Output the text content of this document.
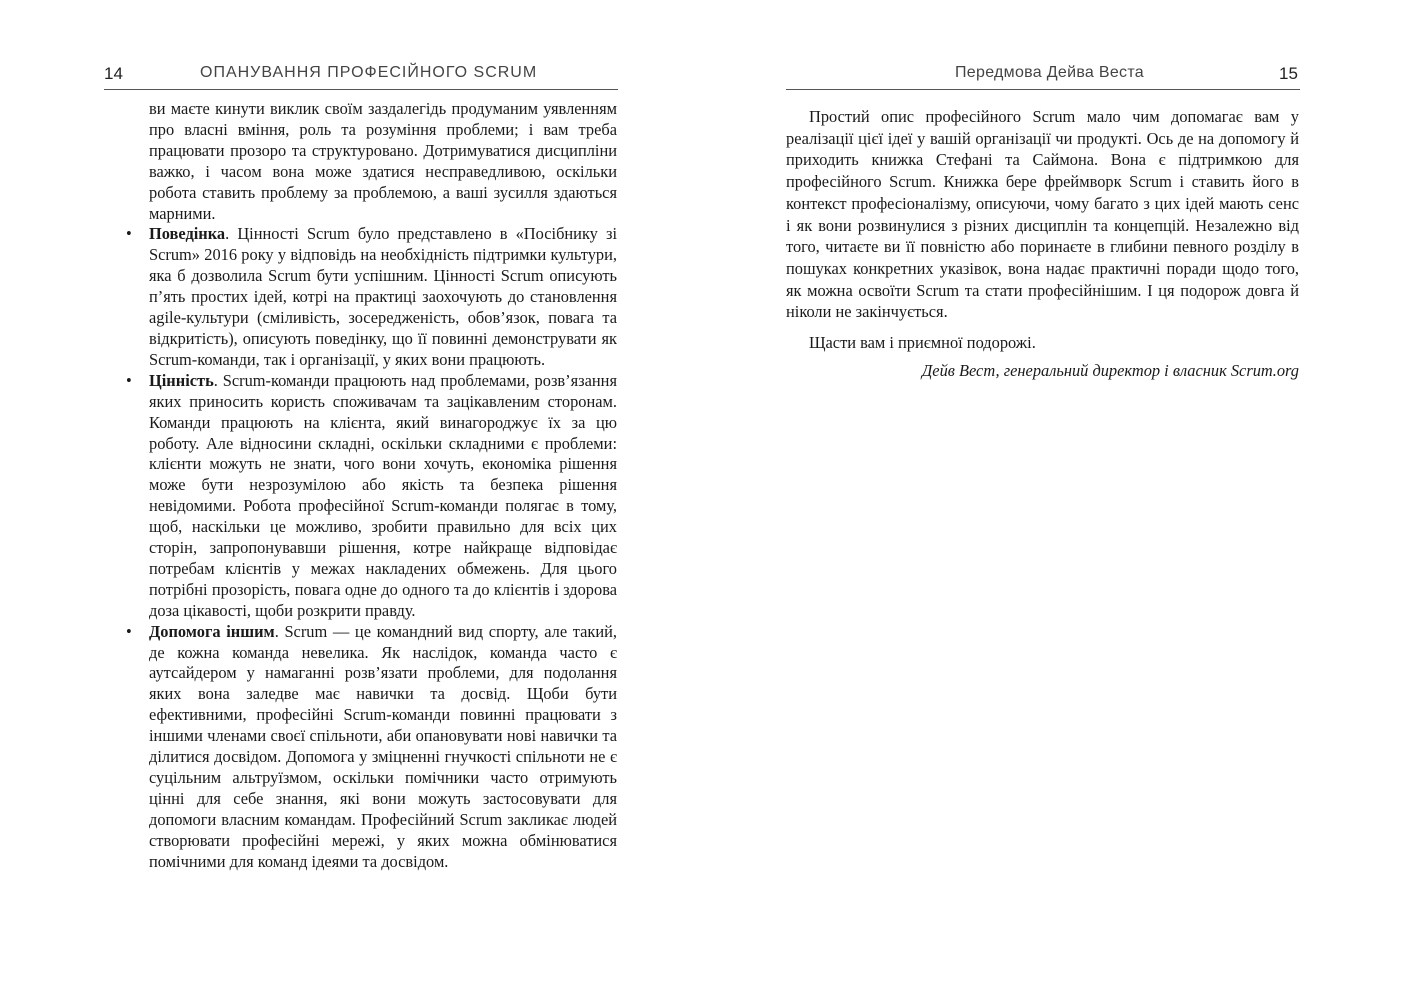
14	ОПАНУВАННЯ ПРОФЕСІЙНОГО SCRUM

ви маєте кинути виклик своїм заздалегідь продуманим уявленням про власні вміння, роль та розуміння проблеми; і вам треба працювати прозоро та структуровано. Дотримуватися дисципліни важко, і часом вона може здатися несправедливою, оскільки робота ставить проблему за проблемою, а ваші зусилля здаються марними.

• Поведінка. Цінності Scrum було представлено в «Посібнику зі Scrum» 2016 року у відповідь на необхідність підтримки культури, яка б дозволила Scrum бути успішним. Цінності Scrum описують п’ять простих ідей, котрі на практиці заохочують до становлення agile-культури (сміливість, зосередженість, обов’язок, повага та відкритість), описують поведінку, що її повинні демонструвати як Scrum-команди, так і організації, у яких вони працюють.
• Цінність. Scrum-команди працюють над проблемами, розв’язання яких приносить користь споживачам та зацікавленим сторонам. Команди працюють на клієнта, який винагороджує їх за цю роботу. Але відносини складні, оскільки складними є проблеми: клієнти можуть не знати, чого вони хочуть, економіка рішення може бути незрозумілою або якість та безпека рішення невідомими. Робота професійної Scrum-команди полягає в тому, щоб, наскільки це можливо, зробити правильно для всіх цих сторін, запропонувавши рішення, котре найкраще відповідає потребам клієнтів у межах накладених обмежень. Для цього потрібні прозорість, повага одне до одного та до клієнтів і здорова доза цікавості, щоби розкрити правду.
• Допомога іншим. Scrum — це командний вид спорту, але такий, де кожна команда невелика. Як наслідок, команда часто є аутсайдером у намаганні розв’язати проблеми, для подолання яких вона заледве має навички та досвід. Щоби бути ефективними, професійні Scrum-команди повинні працювати з іншими членами своєї спільноти, аби опановувати нові навички та ділитися досвідом. Допомога у зміцненні гнучкості спільноти не є суцільним альтруїзмом, оскільки помічники часто отримують цінні для себе знання, які вони можуть застосовувати для допомоги власним командам. Професійний Scrum закликає людей створювати професійні мережі, у яких можна обмінюватися помічними для команд ідеями та досвідом.
Передмова Дейва Веста	15

Простий опис професійного Scrum мало чим допомагає вам у реалізації цієї ідеї у вашій організації чи продукті. Ось де на допомогу й приходить книжка Стефані та Саймона. Вона є підтримкою для професійного Scrum. Книжка бере фреймворк Scrum і ставить його в контекст професіоналізму, описуючи, чому багато з цих ідей мають сенс і як вони розвинулися з різних дисциплін та концепцій. Незалежно від того, читаєте ви її повністю або поринаєте в глибини певного розділу в пошуках конкретних указівок, вона надає практичні поради щодо того, як можна освоїти Scrum та стати професійнішим. І ця подорож довга й ніколи не закінчується.

Щасти вам і приємної подорожі.

Дейв Вест, генеральний директор і власник Scrum.org
